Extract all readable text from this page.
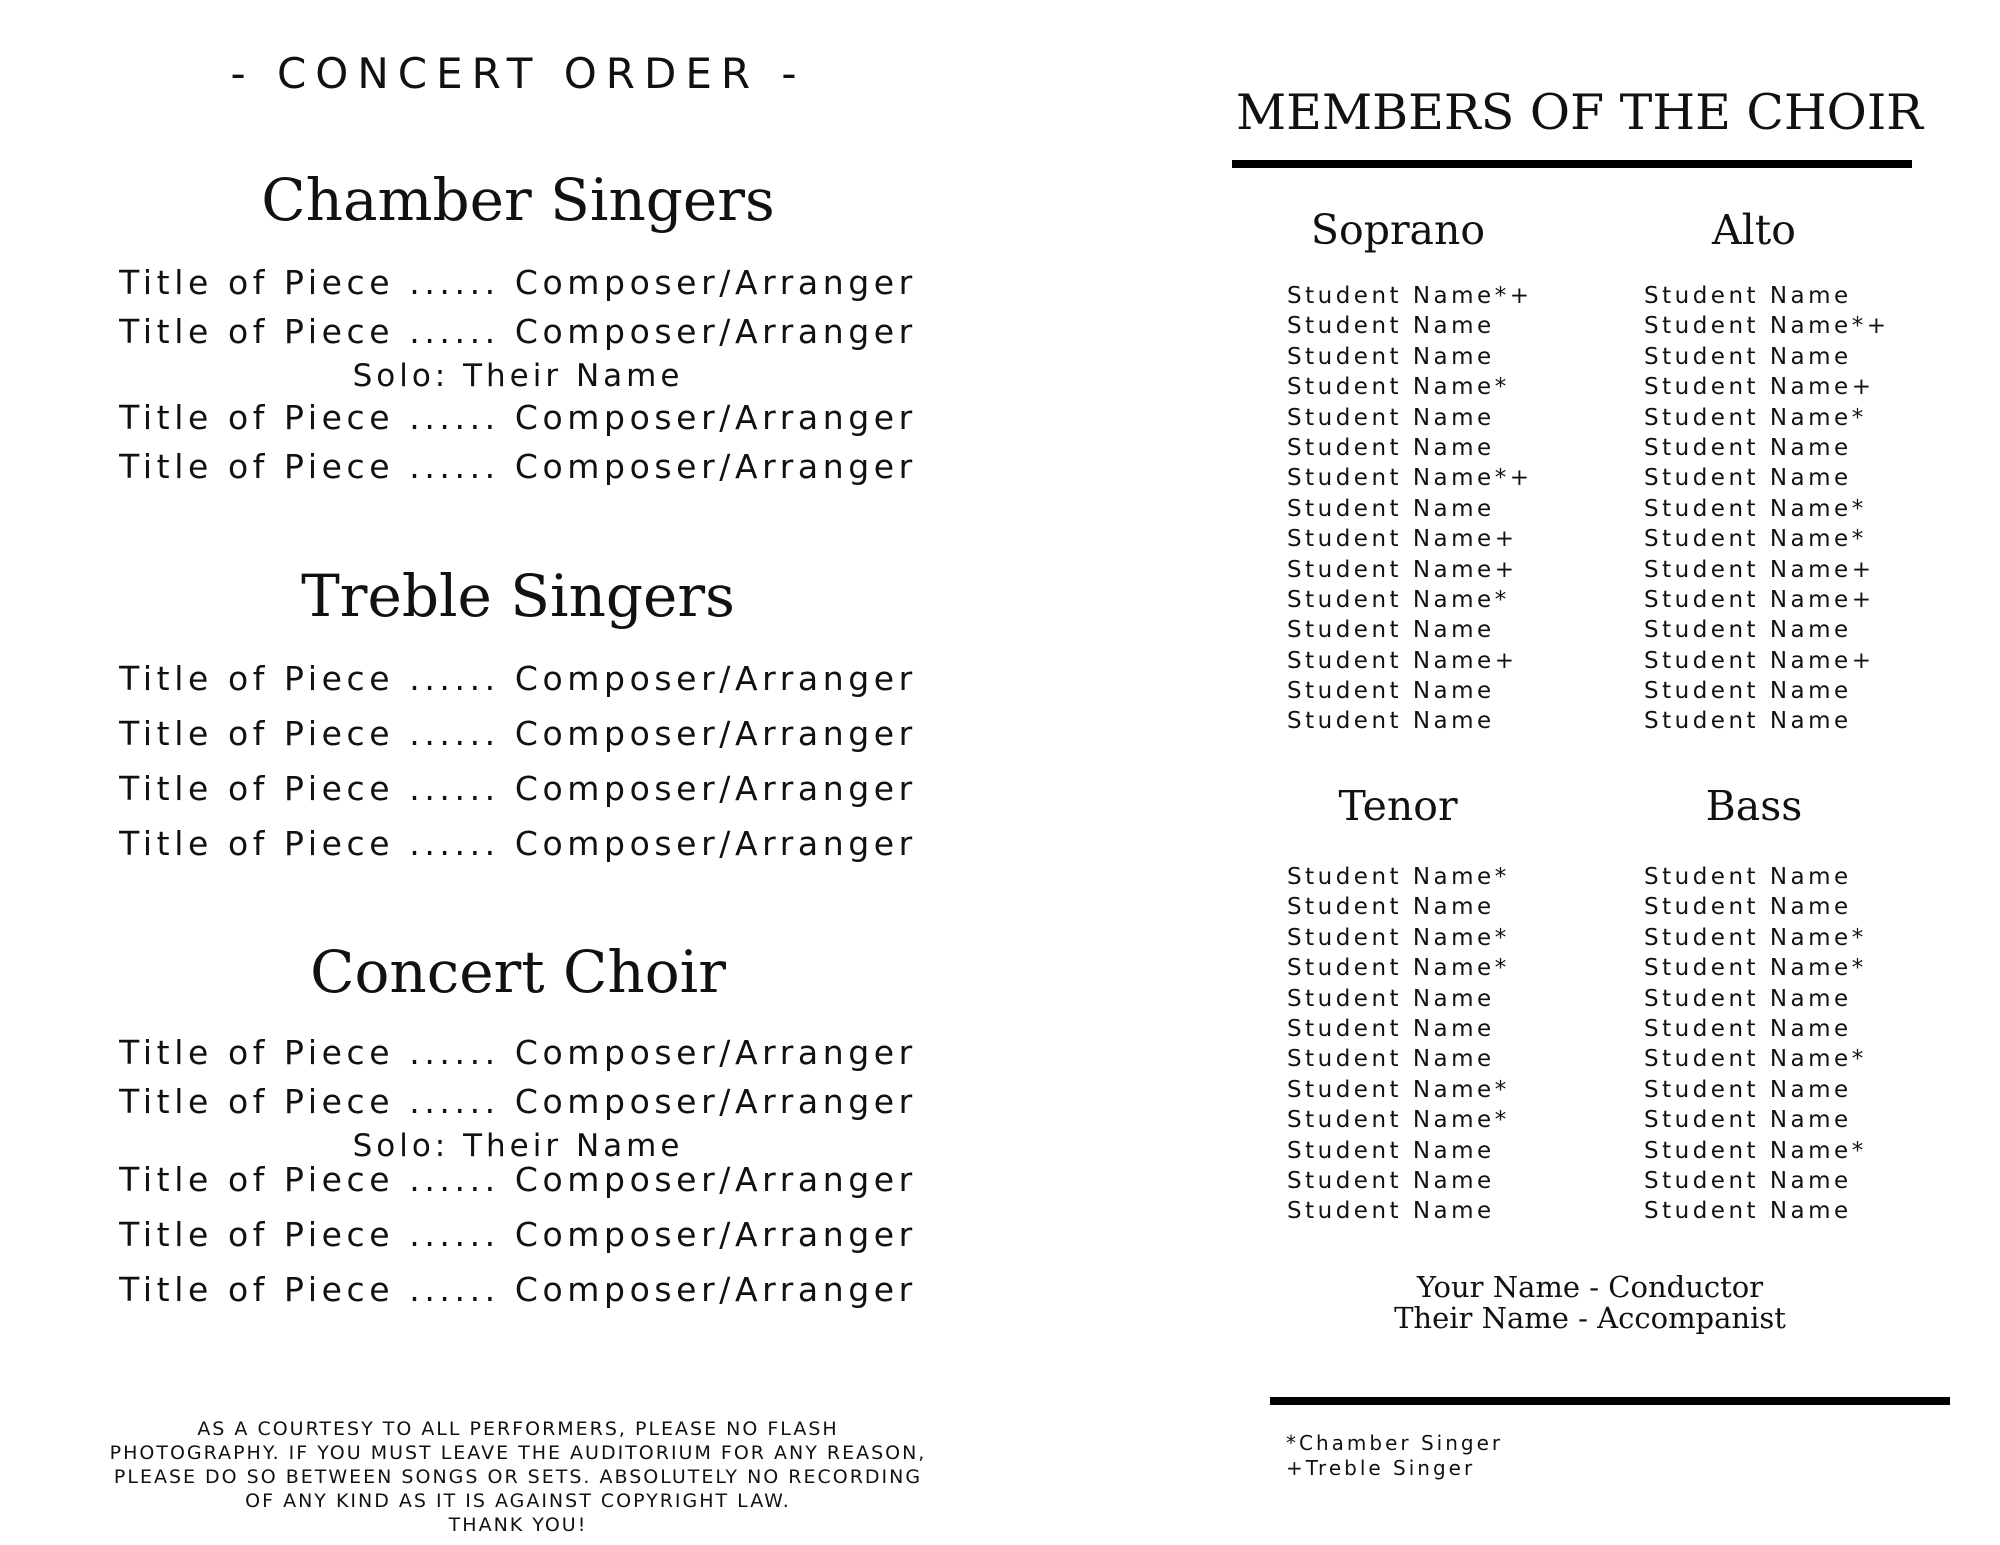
- CONCERT ORDER -
Chamber Singers
Title of Piece ...... Composer/Arranger
Title of Piece ...... Composer/Arranger
Solo: Their Name
Title of Piece ...... Composer/Arranger
Title of Piece ...... Composer/Arranger
Treble Singers
Title of Piece ...... Composer/Arranger
Title of Piece ...... Composer/Arranger
Title of Piece ...... Composer/Arranger
Title of Piece ...... Composer/Arranger
Concert Choir
Title of Piece ...... Composer/Arranger
Title of Piece ...... Composer/Arranger
Solo: Their Name
Title of Piece ...... Composer/Arranger
Title of Piece ...... Composer/Arranger
Title of Piece ...... Composer/Arranger
AS A COURTESY TO ALL PERFORMERS, PLEASE NO FLASH
PHOTOGRAPHY. IF YOU MUST LEAVE THE AUDITORIUM FOR ANY REASON,
PLEASE DO SO BETWEEN SONGS OR SETS. ABSOLUTELY NO RECORDING
OF ANY KIND AS IT IS AGAINST COPYRIGHT LAW.
THANK YOU!
MEMBERS OF THE CHOIR
Soprano
Student Name*+
Student Name
Student Name
Student Name*
Student Name
Student Name
Student Name*+
Student Name
Student Name+
Student Name+
Student Name*
Student Name
Student Name+
Student Name
Student Name
Alto
Student Name
Student Name*+
Student Name
Student Name+
Student Name*
Student Name
Student Name
Student Name*
Student Name*
Student Name+
Student Name+
Student Name
Student Name+
Student Name
Student Name
Tenor
Student Name*
Student Name
Student Name*
Student Name*
Student Name
Student Name
Student Name
Student Name*
Student Name*
Student Name
Student Name
Student Name
Bass
Student Name
Student Name
Student Name*
Student Name*
Student Name
Student Name
Student Name*
Student Name
Student Name
Student Name*
Student Name
Student Name
Your Name - Conductor
Their Name - Accompanist
*Chamber Singer
+Treble Singer
